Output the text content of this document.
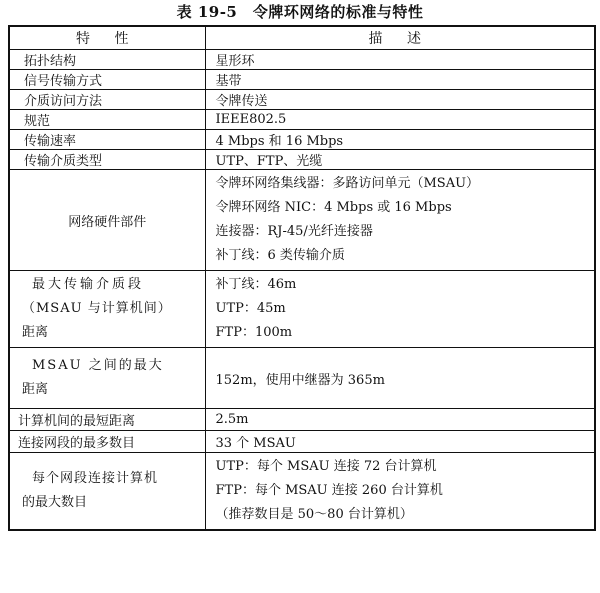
表 19-5　令牌环网络的标准与特性
特 性	描 述
拓扑结构	星形环
信号传输方式	基带
介质访问方法	令牌传送
规范	IEEE802.5
传输速率	4 Mbps 和 16 Mbps
传输介质类型	UTP、FTP、光缆
网络硬件部件	令牌环网络集线器：多路访问单元（MSAU）
令牌环网络 NIC：4 Mbps 或 16 Mbps
连接器：RJ-45/光纤连接器
补丁线：6 类传输介质

最大传输介质段
（MSAU 与计算机间）
距离	补丁线：46m
UTP：45m
FTP：100m

MSAU 之间的最大
距离	152m，使用中继器为 365m
计算机间的最短距离	2.5m
连接网段的最多数目	33 个 MSAU

每个网段连接计算机
的最大数目	UTP：每个 MSAU 连接 72 台计算机
FTP：每个 MSAU 连接 260 台计算机
（推荐数目是 50～80 台计算机）
